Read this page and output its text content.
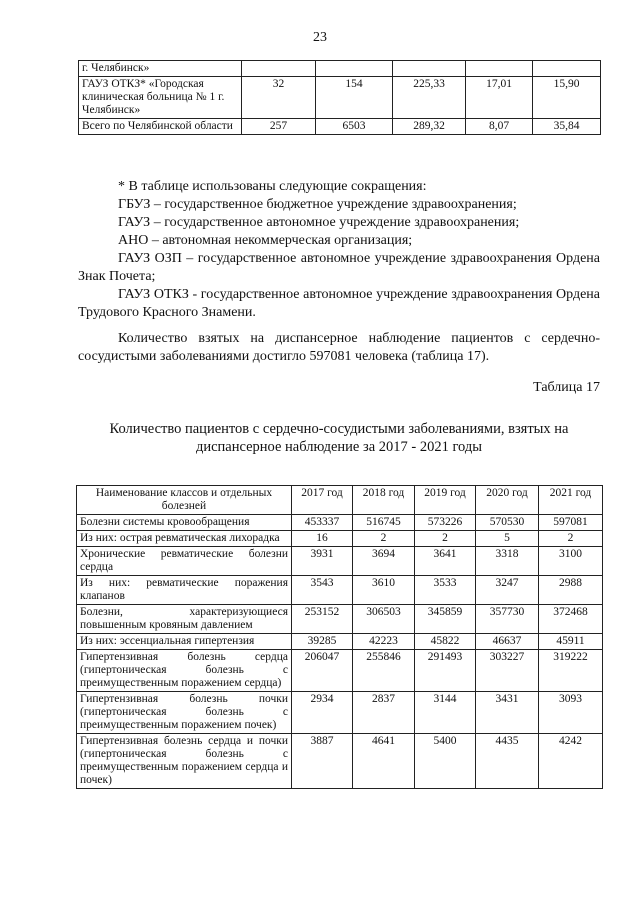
23
г. Челябинск»					
ГАУЗ ОТКЗ* «Городская клиническая больница № 1 г. Челябинск»	32	154	225,33	17,01	15,90
Всего по Челябинской области	257	6503	289,32	8,07	35,84

* В таблице использованы следующие сокращения:

ГБУЗ – государственное бюджетное учреждение здравоохранения;

ГАУЗ – государственное автономное учреждение здравоохранения;

АНО – автономная некоммерческая организация;

ГАУЗ ОЗП – государственное автономное учреждение здравоохранения Ордена Знак Почета;

ГАУЗ ОТКЗ - государственное автономное учреждение здравоохранения Ордена Трудового Красного Знамени.

Количество взятых на диспансерное наблюдение пациентов с сердечно-сосудистыми заболеваниями достигло 597081 человека (таблица 17).

Таблица 17

Количество пациентов с сердечно-сосудистыми заболеваниями, взятых на диспансерное наблюдение за 2017 - 2021 годы

Наименование классов и отдельных болезней	2017 год	2018 год	2019 год	2020 год	2021 год
Болезни системы кровообращения	453337	516745	573226	570530	597081
Из них: острая ревматическая лихорадка	16	2	2	5	2
Хронические ревматические болезни сердца	3931	3694	3641	3318	3100
Из них: ревматические поражения клапанов	3543	3610	3533	3247	2988
Болезни, характеризующиеся повышенным кровяным давлением	253152	306503	345859	357730	372468
Из них: эссенциальная гипертензия	39285	42223	45822	46637	45911
Гипертензивная болезнь сердца (гипертоническая болезнь с преимущественным поражением сердца)	206047	255846	291493	303227	319222
Гипертензивная болезнь почки (гипертоническая болезнь с преимущественным поражением почек)	2934	2837	3144	3431	3093
Гипертензивная болезнь сердца и почки (гипертоническая болезнь с преимущественным поражением сердца и почек)	3887	4641	5400	4435	4242
